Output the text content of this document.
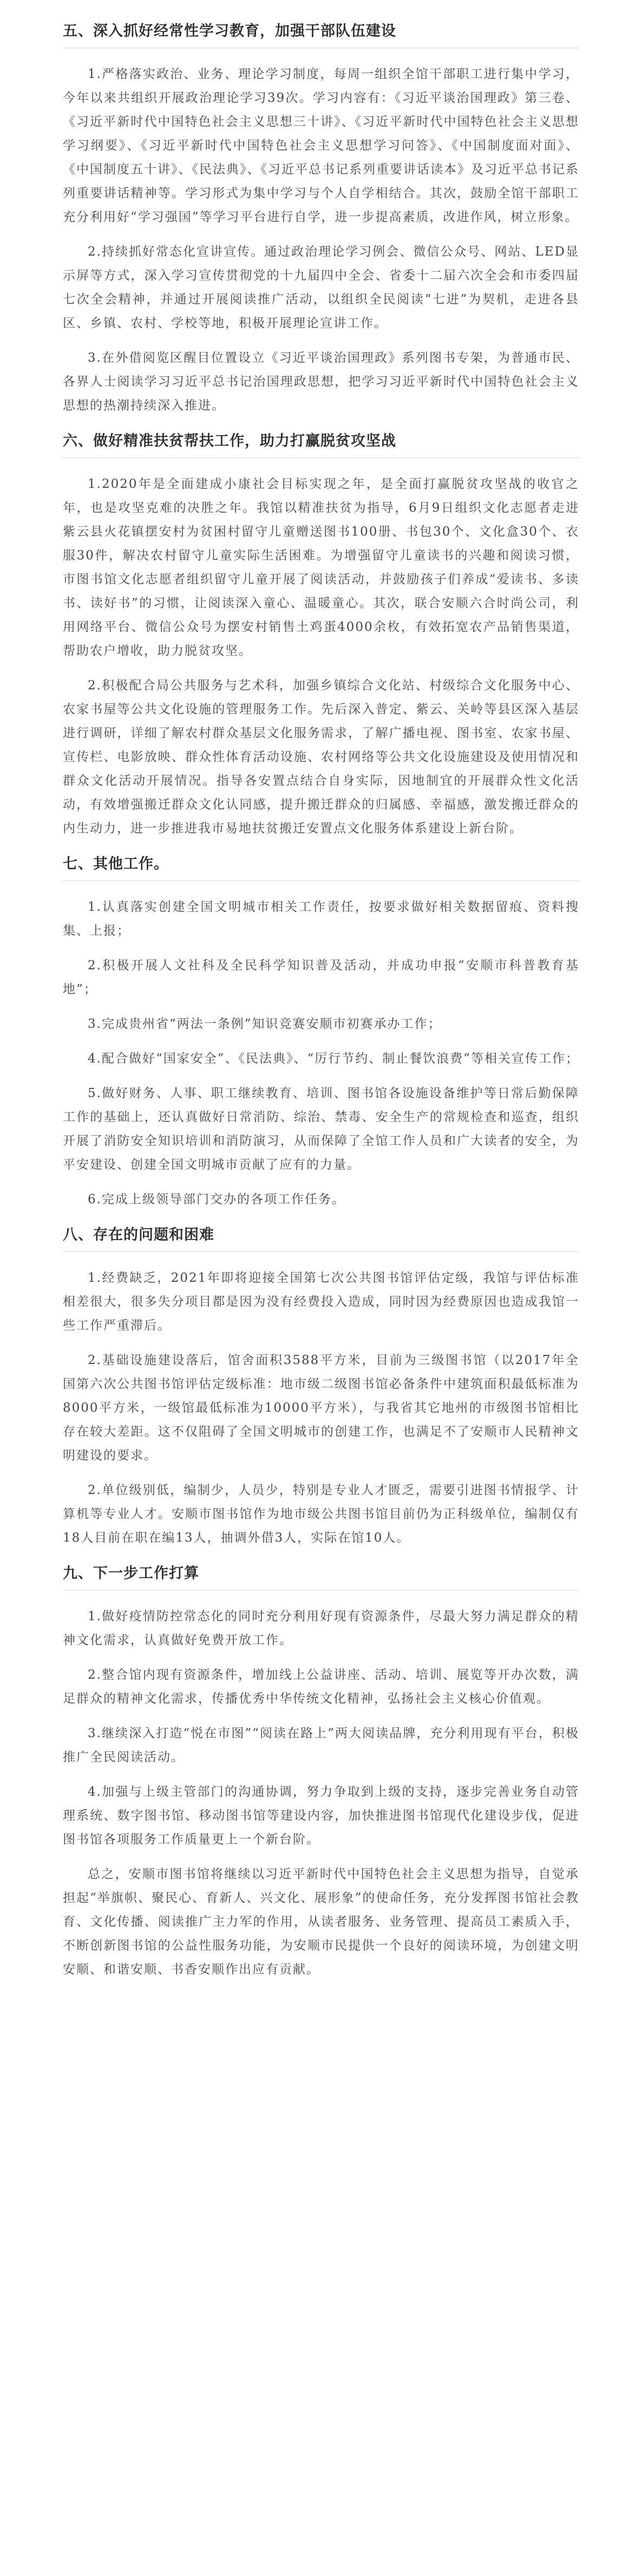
五、深入抓好经常性学习教育，加强干部队伍建设

1.严格落实政治、业务、理论学习制度，每周一组织全馆干部职工进行集中学习，今年以来共组织开展政治理论学习39次。学习内容有：《习近平谈治国理政》第三卷、《习近平新时代中国特色社会主义思想三十讲》、《习近平新时代中国特色社会主义思想学习纲要》、《习近平新时代中国特色社会主义思想学习问答》、《中国制度面对面》、《中国制度五十讲》、《民法典》、《习近平总书记系列重要讲话读本》及习近平总书记系列重要讲话精神等。学习形式为集中学习与个人自学相结合。其次，鼓励全馆干部职工充分利用好“学习强国”等学习平台进行自学，进一步提高素质，改进作风，树立形象。

2.持续抓好常态化宣讲宣传。通过政治理论学习例会、微信公众号、网站、LED显示屏等方式，深入学习宣传贯彻党的十九届四中全会、省委十二届六次全会和市委四届七次全会精神，并通过开展阅读推广活动，以组织全民阅读“七进”为契机，走进各县区、乡镇、农村、学校等地，积极开展理论宣讲工作。

3.在外借阅览区醒目位置设立《习近平谈治国理政》系列图书专架，为普通市民、各界人士阅读学习习近平总书记治国理政思想，把学习习近平新时代中国特色社会主义思想的热潮持续深入推进。

六、做好精准扶贫帮扶工作，助力打赢脱贫攻坚战

1.2020年是全面建成小康社会目标实现之年，是全面打赢脱贫攻坚战的收官之年，也是攻坚克难的决胜之年。我馆以精准扶贫为指导，6月9日组织文化志愿者走进紫云县火花镇摆安村为贫困村留守儿童赠送图书100册、书包30个、文化盒30个、衣服30件，解决农村留守儿童实际生活困难。为增强留守儿童读书的兴趣和阅读习惯，市图书馆文化志愿者组织留守儿童开展了阅读活动，并鼓励孩子们养成“爱读书、多读书、读好书”的习惯，让阅读深入童心、温暖童心。其次，联合安顺六合时尚公司，利用网络平台、微信公众号为摆安村销售土鸡蛋4000余枚，有效拓宽农产品销售渠道，帮助农户增收，助力脱贫攻坚。

2.积极配合局公共服务与艺术科，加强乡镇综合文化站、村级综合文化服务中心、农家书屋等公共文化设施的管理服务工作。先后深入普定、紫云、关岭等县区深入基层进行调研，详细了解农村群众基层文化服务需求，了解广播电视、图书室、农家书屋、宣传栏、电影放映、群众性体育活动设施、农村网络等公共文化设施建设及使用情况和群众文化活动开展情况。指导各安置点结合自身实际，因地制宜的开展群众性文化活动，有效增强搬迁群众文化认同感，提升搬迁群众的归属感、幸福感，激发搬迁群众的内生动力，进一步推进我市易地扶贫搬迁安置点文化服务体系建设上新台阶。

七、其他工作。

1.认真落实创建全国文明城市相关工作责任，按要求做好相关数据留痕、资料搜集、上报；

2.积极开展人文社科及全民科学知识普及活动，并成功申报“安顺市科普教育基地”；

3.完成贵州省“两法一条例”知识竞赛安顺市初赛承办工作；

4.配合做好“国家安全”、《民法典》、“厉行节约、制止餐饮浪费”等相关宣传工作；

5.做好财务、人事、职工继续教育、培训、图书馆各设施设备维护等日常后勤保障工作的基础上，还认真做好日常消防、综治、禁毒、安全生产的常规检查和巡查，组织开展了消防安全知识培训和消防演习，从而保障了全馆工作人员和广大读者的安全，为平安建设、创建全国文明城市贡献了应有的力量。

6.完成上级领导部门交办的各项工作任务。

八、存在的问题和困难

1.经费缺乏，2021年即将迎接全国第七次公共图书馆评估定级，我馆与评估标准相差很大，很多失分项目都是因为没有经费投入造成，同时因为经费原因也造成我馆一些工作严重滞后。

2.基础设施建设落后，馆舍面积3588平方米，目前为三级图书馆（以2017年全国第六次公共图书馆评估定级标准：地市级二级图书馆必备条件中建筑面积最低标准为8000平方米，一级馆最低标准为10000平方米），与我省其它地州的市级图书馆相比存在较大差距。这不仅阻碍了全国文明城市的创建工作，也满足不了安顺市人民精神文明建设的要求。

2.单位级别低，编制少，人员少，特别是专业人才匮乏，需要引进图书情报学、计算机等专业人才。安顺市图书馆作为地市级公共图书馆目前仍为正科级单位，编制仅有18人目前在职在编13人，抽调外借3人，实际在馆10人。

九、下一步工作打算

1.做好疫情防控常态化的同时充分利用好现有资源条件，尽最大努力满足群众的精神文化需求，认真做好免费开放工作。

2.整合馆内现有资源条件，增加线上公益讲座、活动、培训、展览等开办次数，满足群众的精神文化需求，传播优秀中华传统文化精神，弘扬社会主义核心价值观。

3.继续深入打造“悦在市图”“阅读在路上”两大阅读品牌，充分利用现有平台，积极推广全民阅读活动。

4.加强与上级主管部门的沟通协调，努力争取到上级的支持，逐步完善业务自动管理系统、数字图书馆、移动图书馆等建设内容，加快推进图书馆现代化建设步伐，促进图书馆各项服务工作质量更上一个新台阶。

总之，安顺市图书馆将继续以习近平新时代中国特色社会主义思想为指导，自觉承担起“举旗帜、聚民心、育新人、兴文化、展形象”的使命任务，充分发挥图书馆社会教育、文化传播、阅读推广主力军的作用，从读者服务、业务管理、提高员工素质入手，不断创新图书馆的公益性服务功能，为安顺市民提供一个良好的阅读环境，为创建文明安顺、和谐安顺、书香安顺作出应有贡献。
